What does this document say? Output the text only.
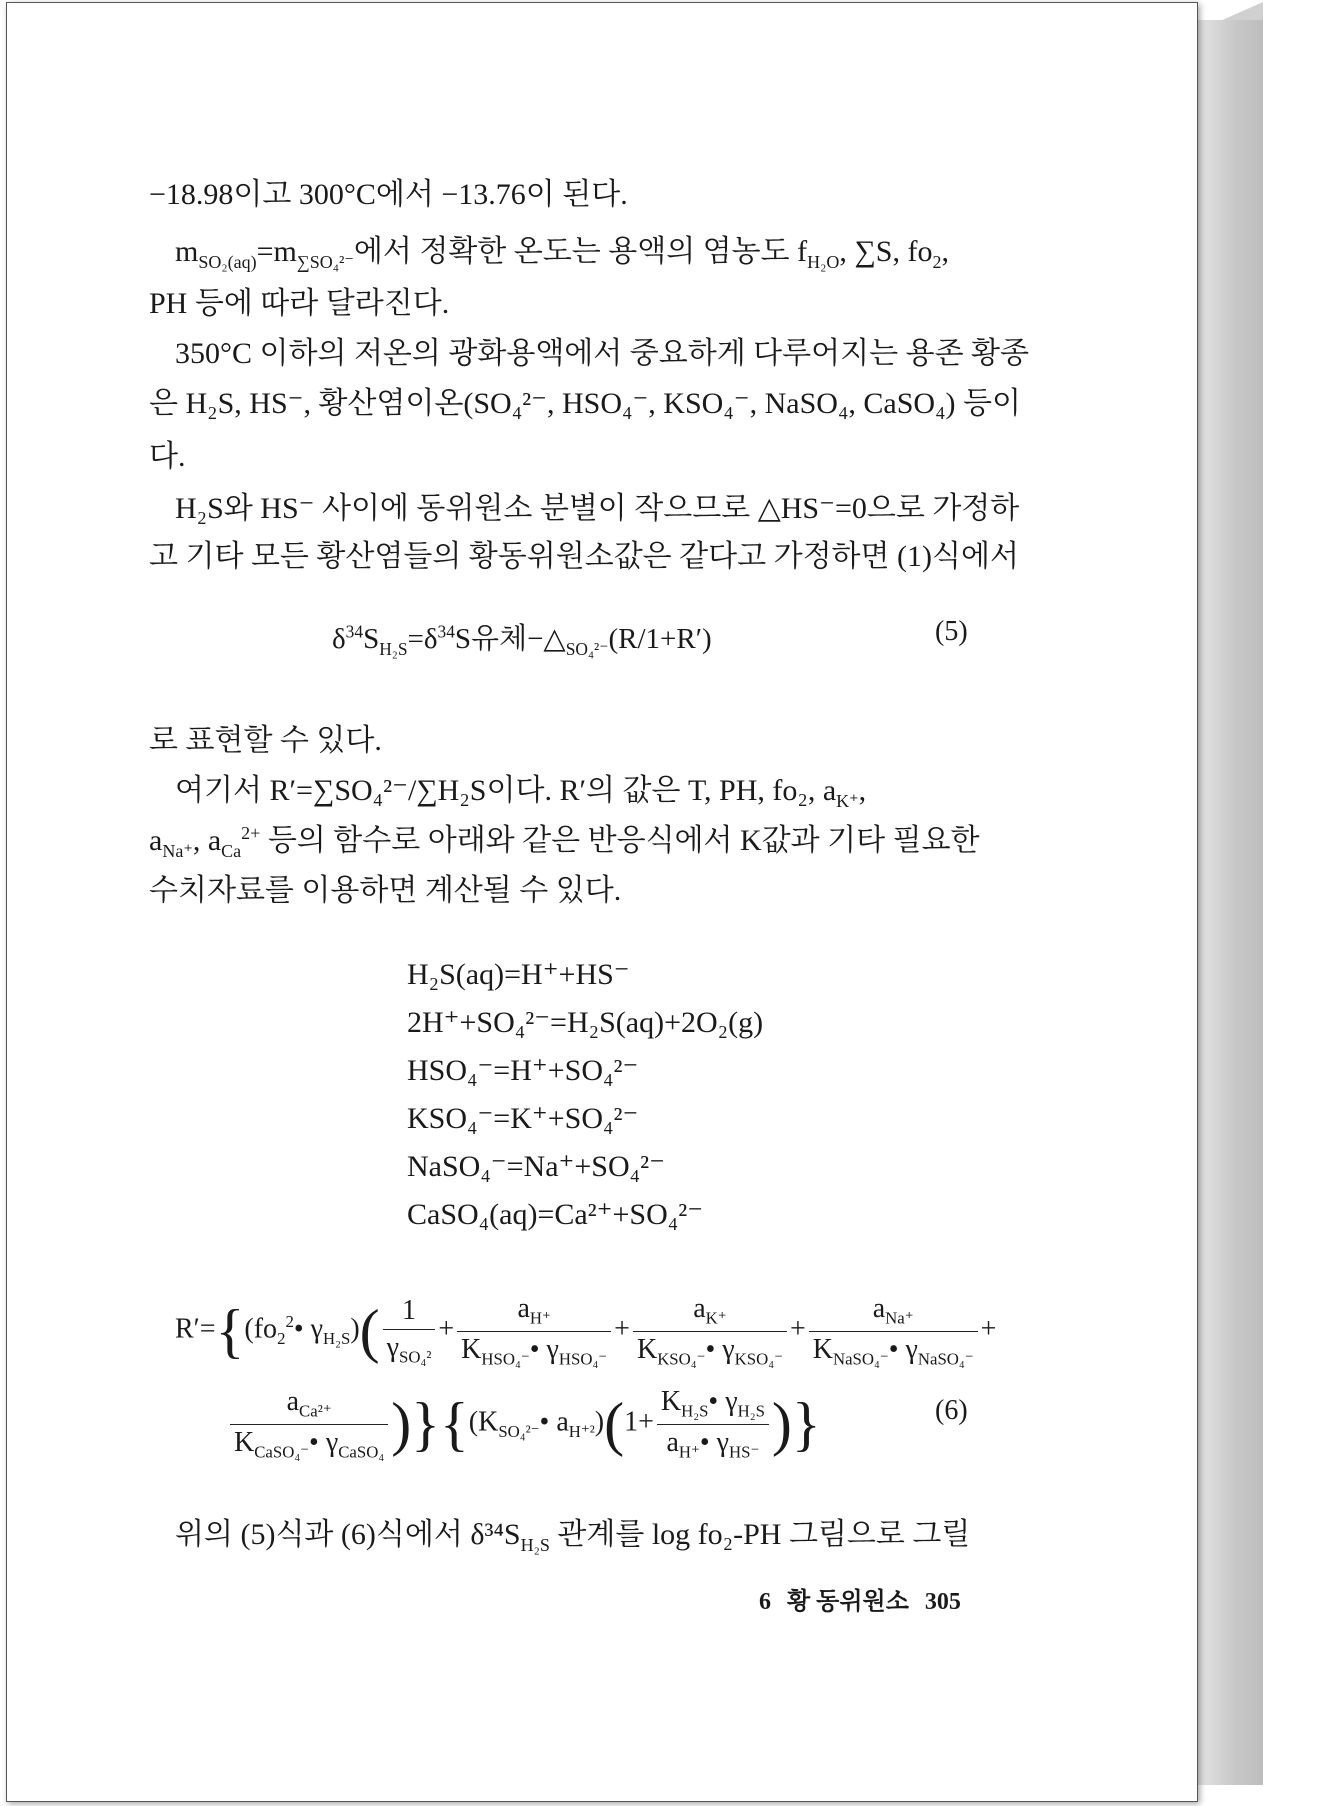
−18.98이고 300°C에서 −13.76이 된다.

$m_{SO_2(aq)}=m_{\sum SO_4^{2-}}$에서 정확한 온도는 용액의 염농도 $f_{H_2O}$, ∑S, $fo_2$,

PH 등에 따라 달라진다.

350°C 이하의 저온의 광화용액에서 중요하게 다루어지는 용존 황종

은 H₂S, HS⁻, 황산염이온(SO₄²⁻, HSO₄⁻, KSO₄⁻, NaSO₄, CaSO₄) 등이

다.

H₂S와 HS⁻ 사이에 동위원소 분별이 작으므로 △HS⁻=0으로 가정하

고 기타 모든 황산염들의 황동위원소값은 같다고 가정하면 (1)식에서

$\delta^{34}S_{H_2S}=\delta^{34}S$유체$-\triangle_{SO_4^{2-}}(R/1+R')$	(5)

로 표현할 수 있다.

여기서 R′=∑SO₄²⁻/∑H₂S이다. R′의 값은 T, PH, fo₂, $a_{K^+}$,

$a_{Na^+}$, $a_{Ca}^{2+}$ 등의 함수로 아래와 같은 반응식에서 K값과 기타 필요한

수치자료를 이용하면 계산될 수 있다.

H₂S(aq)=H⁺+HS⁻
2H⁺+SO₄²⁻=H₂S(aq)+2O₂(g)
HSO₄⁻=H⁺+SO₄²⁻
KSO₄⁻=K⁺+SO₄²⁻
NaSO₄⁻=Na⁺+SO₄²⁻
CaSO₄(aq)=Ca²⁺+SO₄²⁻
$R'=\{(fo_2^2•$ $\gamma_{H_2S})( \frac{1}{\gamma_{SO_4^2}} + \frac{a_{H^+}}{K_{HSO_4^-}• \gamma_{HSO_4^-}} + \frac{a_{K^+}}{K_{KSO_4^-}• \gamma_{KSO_4^-}} + \frac{a_{Na^+}}{K_{NaSO_4^-}• \gamma_{NaSO_4^-}}$ +
$\frac{a_{Ca^{2+}}}{K_{CaSO_4^-}• \gamma_{CaSO_4}}$ )}{($K_{SO_4^{2-}}•$ $a_{H^{+2}})(1+ \frac{K_{H_2S}• \gamma_{H_2S}}{a_{H^+}• \gamma_{HS^-}}$ )}	(6)

위의 (5)식과 (6)식에서 $\delta^{34}S_{H_2S}$ 관계를 log fo₂-PH 그림으로 그릴

6 황 동위원소 305
